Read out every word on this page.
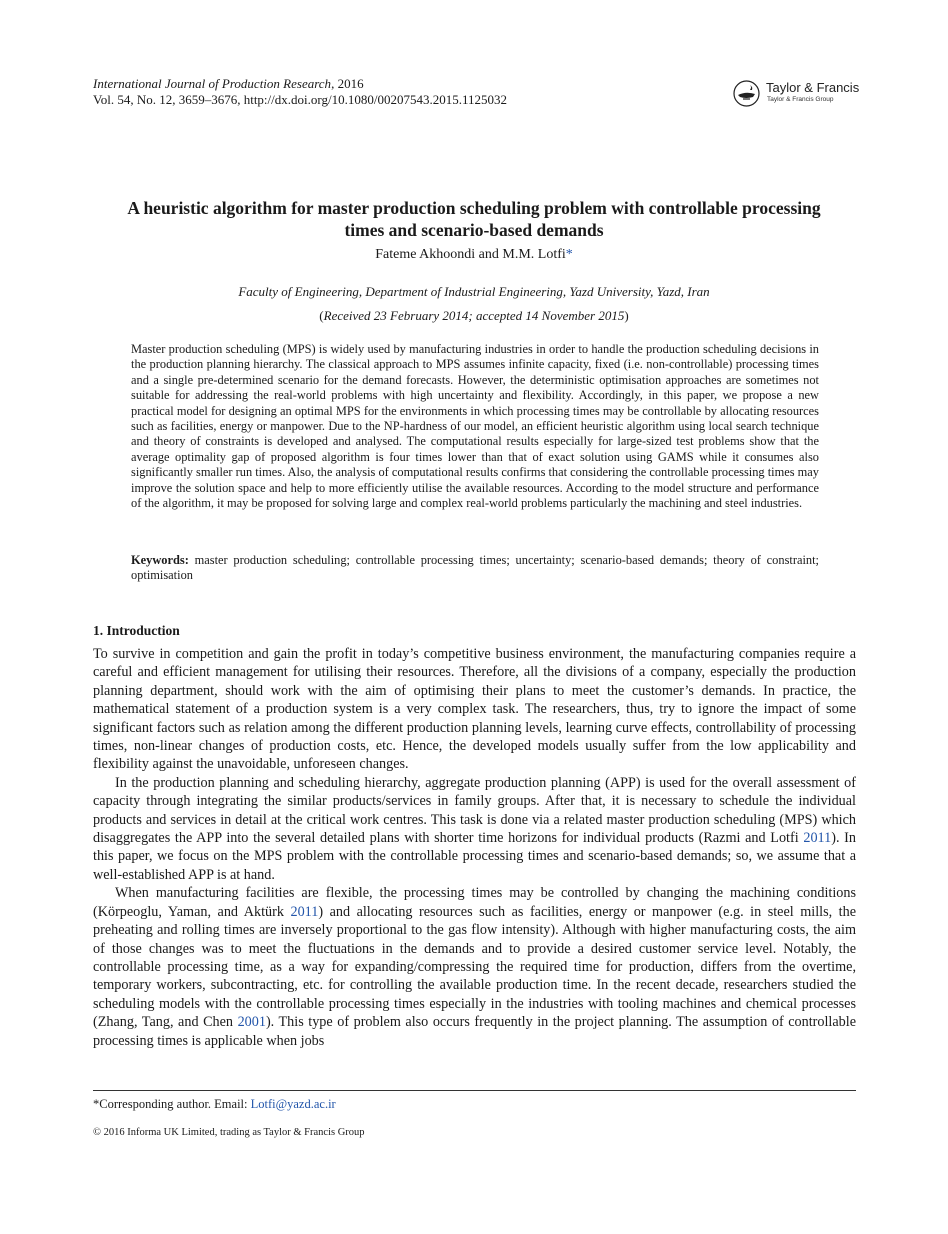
International Journal of Production Research, 2016
Vol. 54, No. 12, 3659–3676, http://dx.doi.org/10.1080/00207543.2015.1125032
Taylor & Francis
Taylor & Francis Group
A heuristic algorithm for master production scheduling problem with controllable processing
times and scenario-based demands
Fateme Akhoondi and M.M. Lotfi*
Faculty of Engineering, Department of Industrial Engineering, Yazd University, Yazd, Iran
(Received 23 February 2014; accepted 14 November 2015)
Master production scheduling (MPS) is widely used by manufacturing industries in order to handle the production scheduling decisions in the production planning hierarchy. The classical approach to MPS assumes infinite capacity, fixed (i.e. non-controllable) processing times and a single pre-determined scenario for the demand forecasts. However, the deterministic optimisation approaches are sometimes not suitable for addressing the real-world problems with high uncertainty and flexibility. Accordingly, in this paper, we propose a new practical model for designing an optimal MPS for the environments in which processing times may be controllable by allocating resources such as facilities, energy or manpower. Due to the NP-hardness of our model, an efficient heuristic algorithm using local search technique and theory of constraints is developed and analysed. The computational results especially for large-sized test problems show that the average optimality gap of proposed algorithm is four times lower than that of exact solution using GAMS while it consumes also significantly smaller run times. Also, the analysis of computational results confirms that considering the controllable processing times may improve the solution space and help to more efficiently utilise the available resources. According to the model structure and performance of the algorithm, it may be proposed for solving large and complex real-world problems particularly the machining and steel industries.
Keywords: master production scheduling; controllable processing times; uncertainty; scenario-based demands; theory of constraint; optimisation
1. Introduction

To survive in competition and gain the profit in today’s competitive business environment, the manufacturing companies require a careful and efficient management for utilising their resources. Therefore, all the divisions of a company, especially the production planning department, should work with the aim of optimising their plans to meet the customer’s demands. In practice, the mathematical statement of a production system is a very complex task. The researchers, thus, try to ignore the impact of some significant factors such as relation among the different production planning levels, learning curve effects, controllability of processing times, non-linear changes of production costs, etc. Hence, the developed models usually suffer from the low applicability and flexibility against the unavoidable, unforeseen changes.

In the production planning and scheduling hierarchy, aggregate production planning (APP) is used for the overall assessment of capacity through integrating the similar products/services in family groups. After that, it is necessary to schedule the individual products and services in detail at the critical work centres. This task is done via a related master production scheduling (MPS) which disaggregates the APP into the several detailed plans with shorter time horizons for individual products (Razmi and Lotfi 2011). In this paper, we focus on the MPS problem with the controllable processing times and scenario-based demands; so, we assume that a well-established APP is at hand.

When manufacturing facilities are flexible, the processing times may be controlled by changing the machining conditions (Körpeoglu, Yaman, and Aktürk 2011) and allocating resources such as facilities, energy or manpower (e.g. in steel mills, the preheating and rolling times are inversely proportional to the gas flow intensity). Although with higher manufacturing costs, the aim of those changes was to meet the fluctuations in the demands and to provide a desired customer service level. Notably, the controllable processing time, as a way for expanding/compressing the required time for production, differs from the overtime, temporary workers, subcontracting, etc. for controlling the available production time. In the recent decade, researchers studied the scheduling models with the controllable processing times especially in the industries with tooling machines and chemical processes (Zhang, Tang, and Chen 2001). This type of problem also occurs frequently in the project planning. The assumption of controllable processing times is applicable when jobs

*Corresponding author. Email: Lotfi@yazd.ac.ir
© 2016 Informa UK Limited, trading as Taylor & Francis Group
